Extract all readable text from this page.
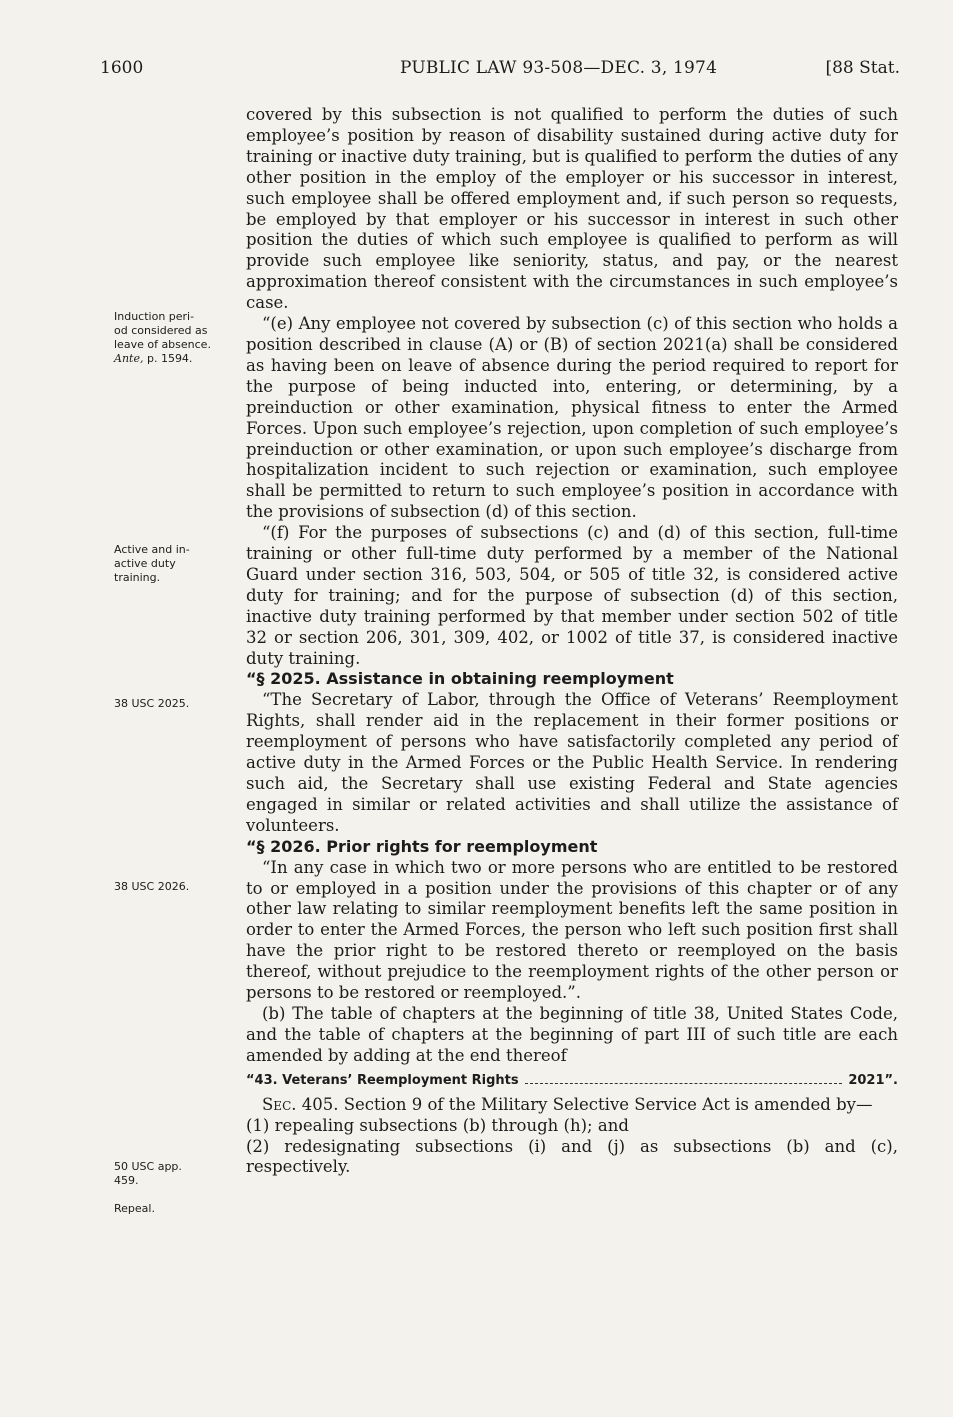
1600	PUBLIC LAW 93-508—DEC. 3, 1974	[88 Stat.
Induction peri-
od considered as
leave of absence.
Ante, p. 1594.
Active and in-
active duty
training.
38 USC 2025.
38 USC 2026.
50 USC app.
459.
Repeal.

covered by this subsection is not qualified to perform the duties of such employee’s position by reason of disability sustained during active duty for training or inactive duty training, but is qualified to perform the duties of any other position in the employ of the employer or his successor in interest, such employee shall be offered employment and, if such person so requests, be employed by that employer or his successor in interest in such other position the duties of which such employee is qualified to perform as will provide such employee like seniority, status, and pay, or the nearest approximation thereof consistent with the circumstances in such employee’s case.

“(e) Any employee not covered by subsection (c) of this section who holds a position described in clause (A) or (B) of section 2021(a) shall be considered as having been on leave of absence during the period required to report for the purpose of being inducted into, entering, or determining, by a preinduction or other examination, physical fitness to enter the Armed Forces. Upon such employee’s rejection, upon completion of such employee’s preinduction or other examination, or upon such employee’s discharge from hospitalization incident to such rejection or examination, such employee shall be permitted to return to such employee’s position in accordance with the provisions of subsection (d) of this section.

“(f) For the purposes of subsections (c) and (d) of this section, full-time training or other full-time duty performed by a member of the National Guard under section 316, 503, 504, or 505 of title 32, is considered active duty for training; and for the purpose of subsection (d) of this section, inactive duty training performed by that member under section 502 of title 32 or section 206, 301, 309, 402, or 1002 of title 37, is considered inactive duty training.

“§ 2025. Assistance in obtaining reemployment

“The Secretary of Labor, through the Office of Veterans’ Reemployment Rights, shall render aid in the replacement in their former positions or reemployment of persons who have satisfactorily completed any period of active duty in the Armed Forces or the Public Health Service. In rendering such aid, the Secretary shall use existing Federal and State agencies engaged in similar or related activities and shall utilize the assistance of volunteers.

“§ 2026. Prior rights for reemployment

“In any case in which two or more persons who are entitled to be restored to or employed in a position under the provisions of this chapter or of any other law relating to similar reemployment benefits left the same position in order to enter the Armed Forces, the person who left such position first shall have the prior right to be restored thereto or reemployed on the basis thereof, without prejudice to the reemployment rights of the other person or persons to be restored or reemployed.”.

(b) The table of chapters at the beginning of title 38, United States Code, and the table of chapters at the beginning of part III of such title are each amended by adding at the end thereof

“43. Veterans’ Reemployment Rights	2021”.

Sec. 405. Section 9 of the Military Selective Service Act is amended by—

(1) repealing subsections (b) through (h); and

(2) redesignating subsections (i) and (j) as subsections (b) and (c), respectively.
